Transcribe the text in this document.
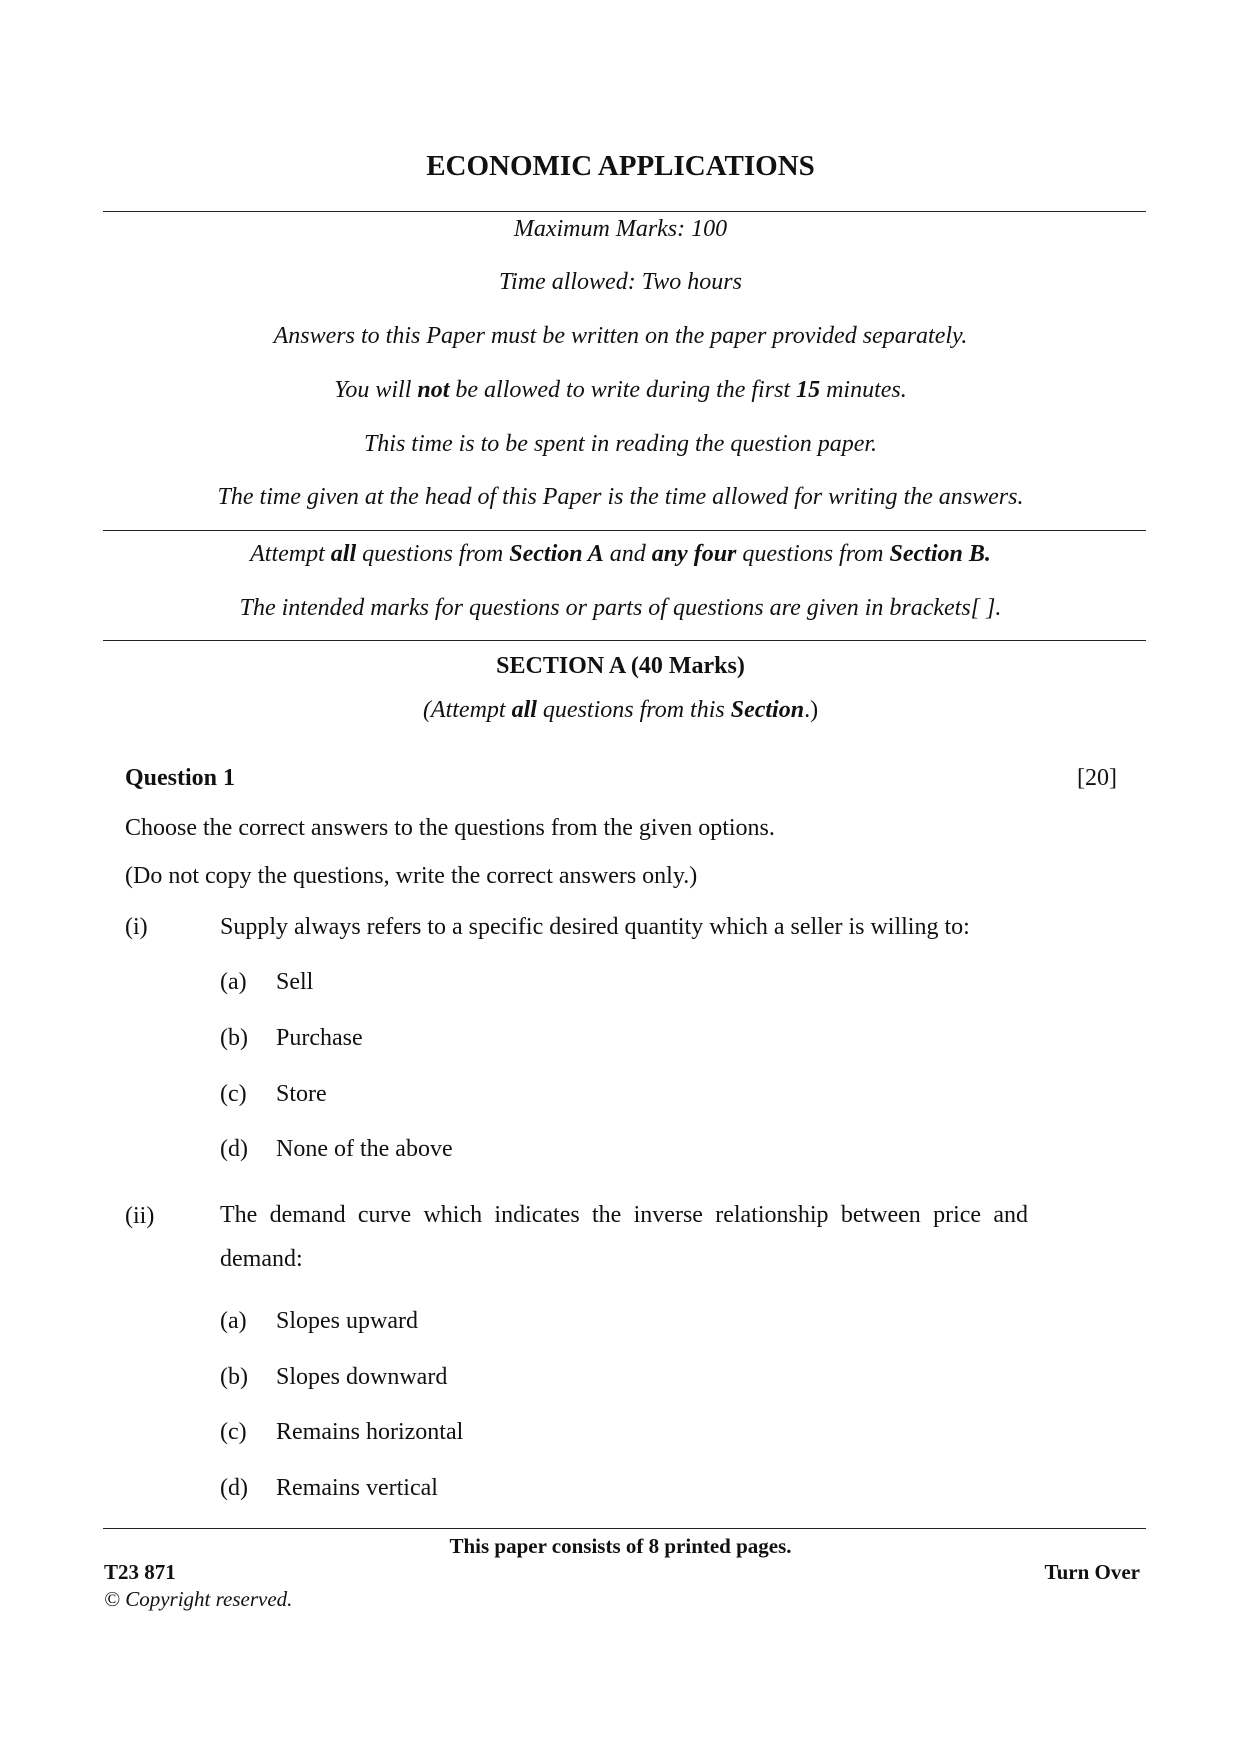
ECONOMIC APPLICATIONS
Maximum Marks: 100
Time allowed: Two hours
Answers to this Paper must be written on the paper provided separately.
You will not be allowed to write during the first 15 minutes.
This time is to be spent in reading the question paper.
The time given at the head of this Paper is the time allowed for writing the answers.
Attempt all questions from Section A and any four questions from Section B.
The intended marks for questions or parts of questions are given in brackets[ ].
SECTION A (40 Marks)
(Attempt all questions from this Section.)
Question 1	[20]
Choose the correct answers to the questions from the given options.
(Do not copy the questions, write the correct answers only.)
(i)	Supply always refers to a specific desired quantity which a seller is willing to:
(a) Sell
(b) Purchase
(c) Store
(d) None of the above
(ii)	The demand curve which indicates the inverse relationship between price and demand:
(a) Slopes upward
(b) Slopes downward
(c) Remains horizontal
(d) Remains vertical
This paper consists of 8 printed pages.
T23 871	Turn Over
© Copyright reserved.
